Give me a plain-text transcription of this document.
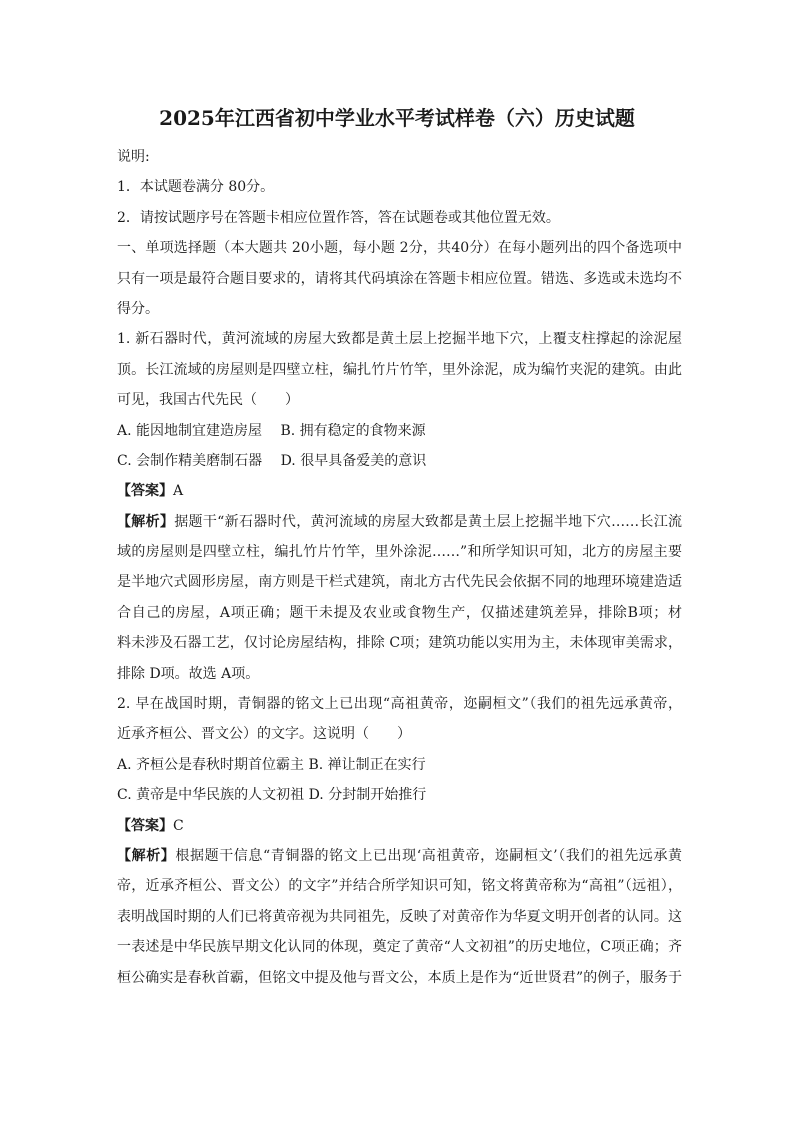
2025年江西省初中学业水平考试样卷（六）历史试题
说明:
1．本试题卷满分 80分。
2．请按试题序号在答题卡相应位置作答，答在试题卷或其他位置无效。
一、单项选择题（本大题共 20小题，每小题 2分，共40分）在每小题列出的四个备选项中
只有一项是最符合题目要求的，请将其代码填涂在答题卡相应位置。错选、多选或未选均不
得分。
1. 新石器时代，黄河流域的房屋大致都是黄土层上挖掘半地下穴，上覆支柱撑起的涂泥屋
顶。长江流域的房屋则是四壁立柱，编扎竹片竹竿，里外涂泥，成为编竹夹泥的建筑。由此
可见，我国古代先民（　　）
A. 能因地制宜建造房屋 　B. 拥有稳定的食物来源
C. 会制作精美磨制石器 　D. 很早具备爱美的意识
【答案】A
【解析】据题干“新石器时代，黄河流域的房屋大致都是黄土层上挖掘半地下穴……长江流
域的房屋则是四壁立柱，编扎竹片竹竿，里外涂泥……”和所学知识可知，北方的房屋主要
是半地穴式圆形房屋，南方则是干栏式建筑，南北方古代先民会依据不同的地理环境建造适
合自己的房屋，A项正确；题干未提及农业或食物生产，仅描述建筑差异，排除B项；材
料未涉及石器工艺，仅讨论房屋结构，排除 C项；建筑功能以实用为主，未体现审美需求，
排除 D项。故选 A项。
2. 早在战国时期，青铜器的铭文上已出现“高祖黄帝，迩嗣桓文”（我们的祖先远承黄帝，
近承齐桓公、晋文公）的文字。这说明（　　）
A. 齐桓公是春秋时期首位霸主 B. 禅让制正在实行
C. 黄帝是中华民族的人文初祖 D. 分封制开始推行
【答案】C
【解析】根据题干信息“青铜器的铭文上已出现‘高祖黄帝，迩嗣桓文’（我们的祖先远承黄
帝，近承齐桓公、晋文公）的文字”并结合所学知识可知，铭文将黄帝称为“高祖”（远祖），
表明战国时期的人们已将黄帝视为共同祖先，反映了对黄帝作为华夏文明开创者的认同。这
一表述是中华民族早期文化认同的体现，奠定了黄帝“人文初祖”的历史地位，C项正确；齐
桓公确实是春秋首霸，但铭文中提及他与晋文公，本质上是作为“近世贤君”的例子，服务于
